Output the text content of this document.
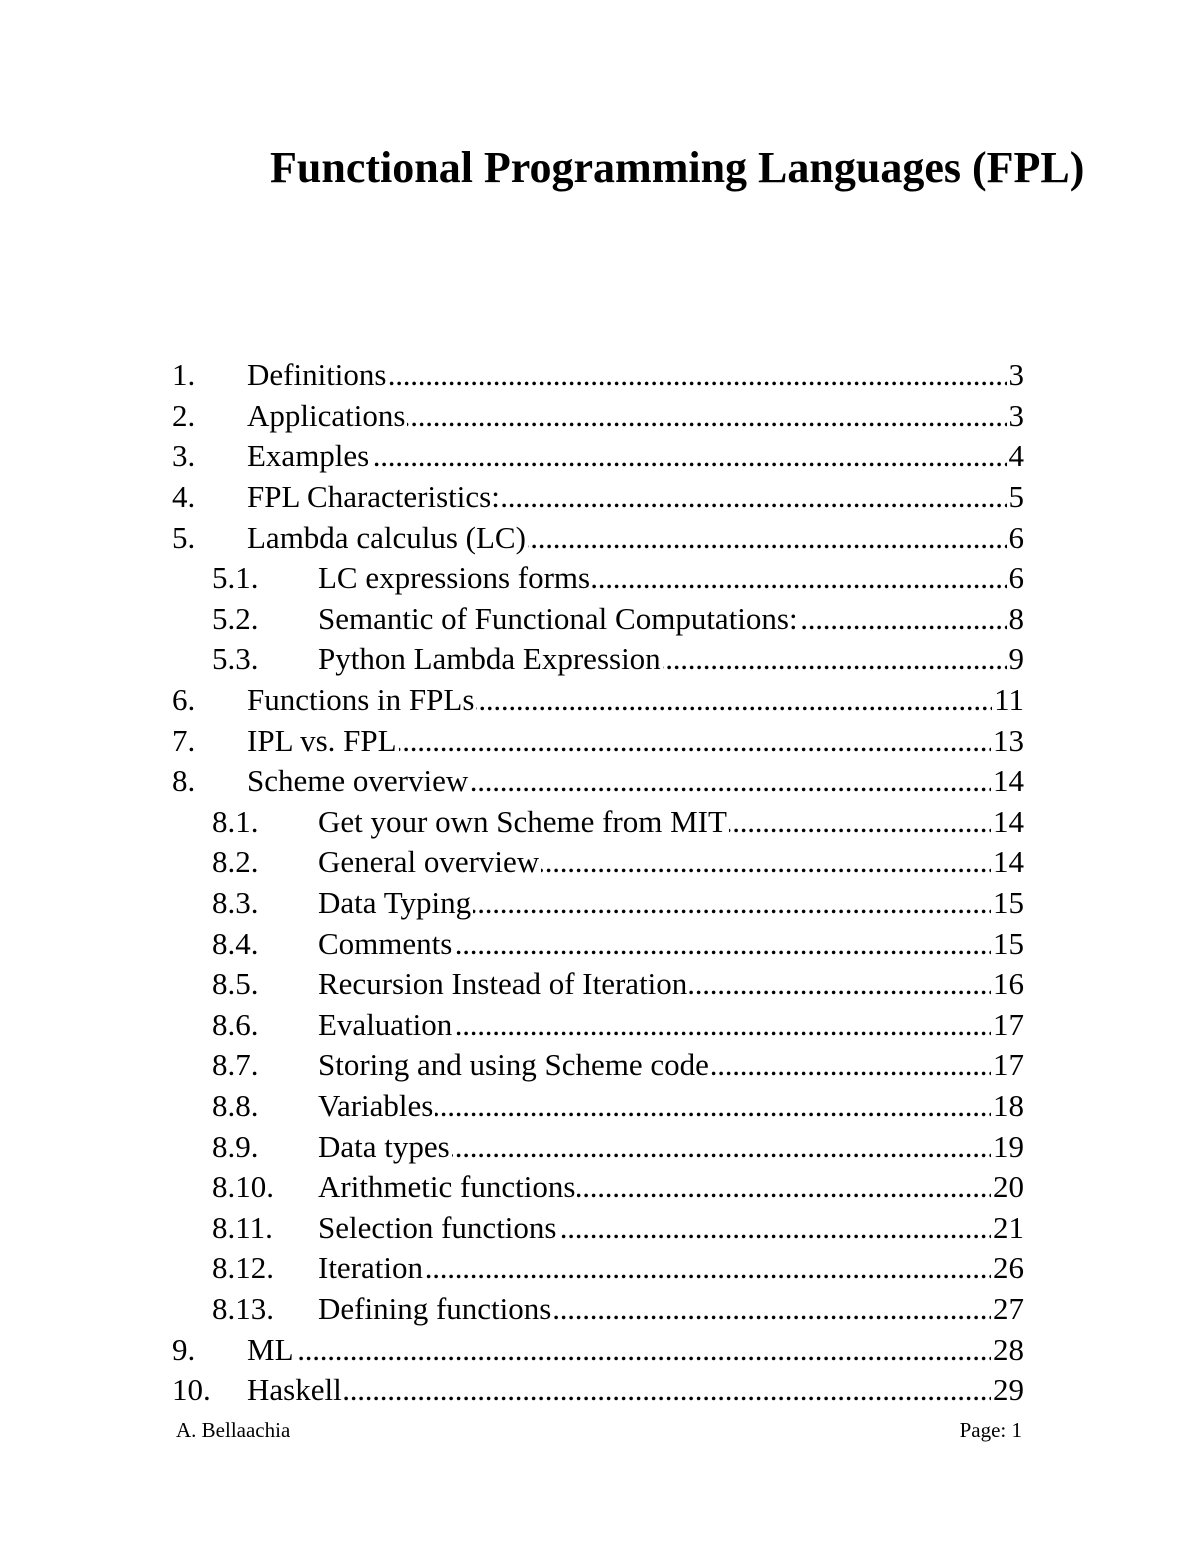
Functional Programming Languages (FPL)
1.	Definitions . . .	3
2.	Applications . . .	3
3.	Examples . . .	4
4.	FPL Characteristics: . . .	5
5.	Lambda calculus (LC) . . .	6
5.1.	LC expressions forms . . .	6
5.2.	Semantic of Functional Computations: . . .	8
5.3.	Python Lambda Expression . . .	9
6.	Functions in FPLs . . .	11
7.	IPL vs. FPL . . .	13
8.	Scheme overview . . .	14
8.1.	Get your own Scheme from MIT . . .	14
8.2.	General overview . . .	14
8.3.	Data Typing . . .	15
8.4.	Comments . . .	15
8.5.	Recursion Instead of Iteration . . .	16
8.6.	Evaluation . . .	17
8.7.	Storing and using Scheme code . . .	17
8.8.	Variables . . .	18
8.9.	Data types . . .	19
8.10.	Arithmetic functions . . .	20
8.11.	Selection functions . . .	21
8.12.	Iteration . . .	26
8.13.	Defining functions . . .	27
9.	ML . . .	28
10.	Haskell . . .	29
A. Bellaachia	Page: 1
